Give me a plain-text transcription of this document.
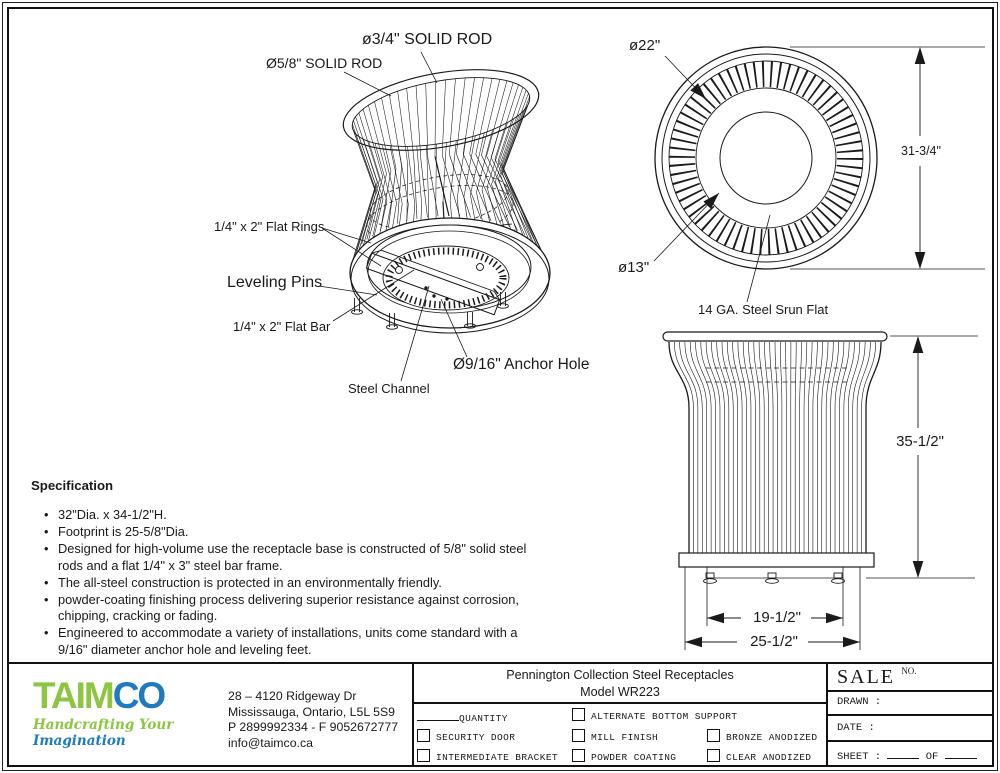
ø3/4" SOLID ROD
Ø5/8" SOLID ROD
1/4" x 2" Flat Rings
Leveling Pins
1/4" x 2" Flat Bar
Ø9/16" Anchor Hole
Steel Channel
ø22"
ø13"
31-3/4"
14 GA. Steel Srun Flat
35-1/2"
19-1/2"
25-1/2"
Specification
• 32"Dia. x 34-1/2"H.
• Footprint is 25-5/8"Dia.
• Designed for high-volume use the receptacle base is constructed of 5/8" solid steel rods and a flat 1/4" x 3" steel bar frame.
• The all-steel construction is protected in an environmentally friendly.
• powder-coating finishing process delivering superior resistance against corrosion, chipping, cracking or fading.
• Engineered to accommodate a variety of installations, units come standard with a 9/16" diameter anchor hole and leveling feet.
TAIMCO
Handcrafting Your Imagination
28 – 4120 Ridgeway Dr
Mississauga, Ontario, L5L 5S9
P 2899992334 - F 9052672777
info@taimco.ca
Pennington Collection Steel Receptacles
Model WR223
QUANTITY	ALTERNATE BOTTOM SUPPORT
SECURITY DOOR	MILL FINISH	BRONZE ANODIZED
INTERMEDIATE BRACKET	POWDER COATING	CLEAR ANODIZED
SALE NO.
DRAWN :
DATE :
SHEET :	OF
